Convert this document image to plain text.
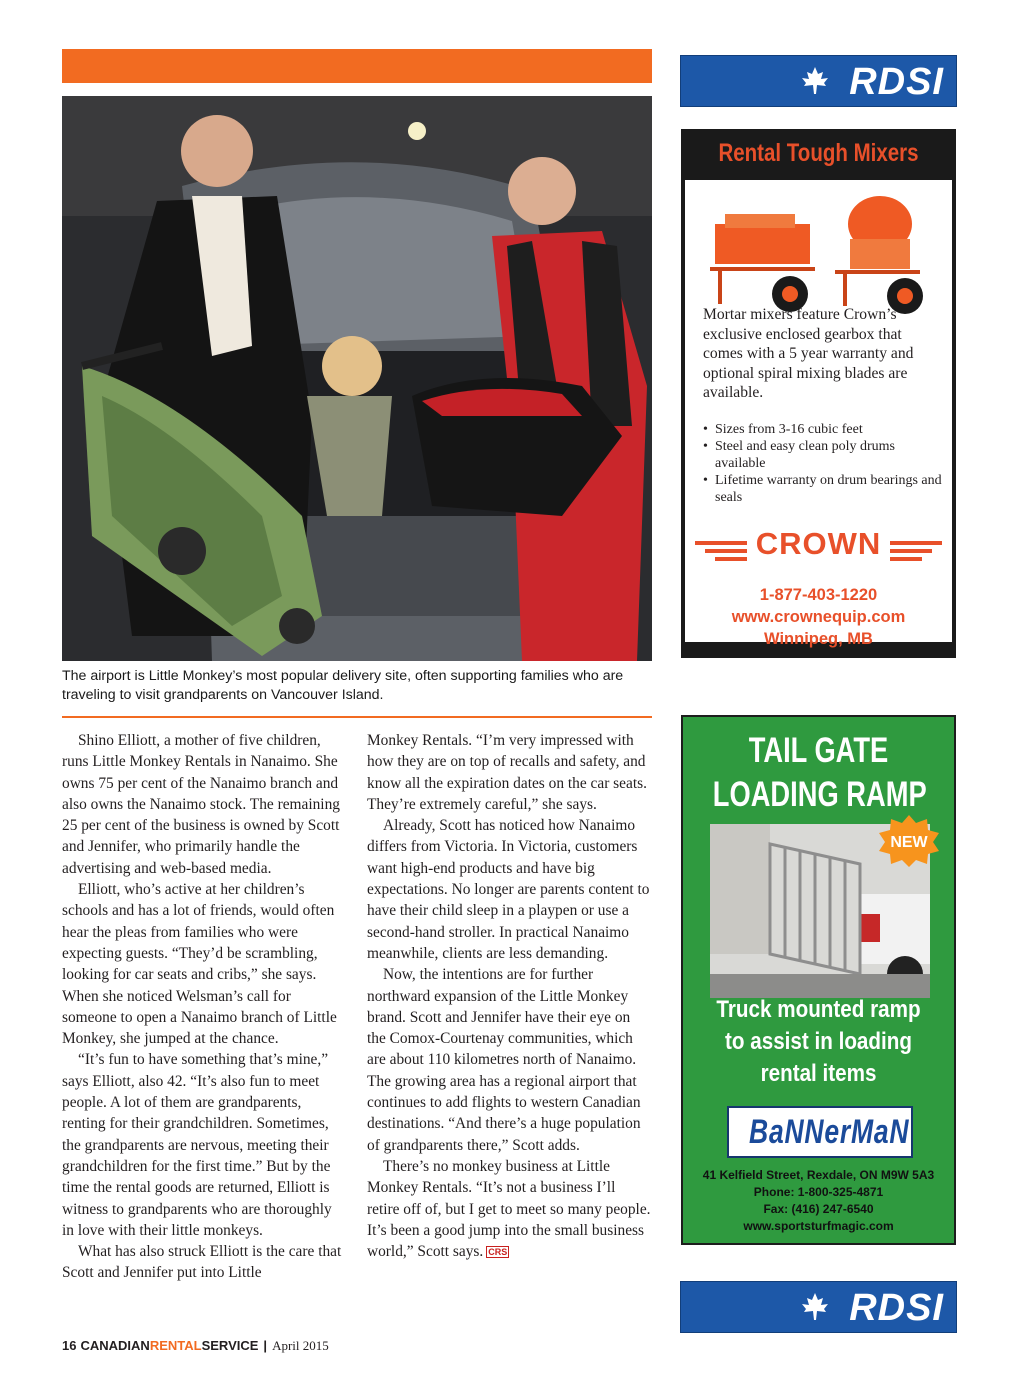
The airport is Little Monkey’s most popular delivery site, often supporting families who are traveling to visit grandparents on Vancouver Island.

Shino Elliott, a mother of five children, runs Little Monkey Rentals in Nanaimo. She owns 75 per cent of the Nanaimo branch and also owns the Nanaimo stock. The remaining 25 per cent of the business is owned by Scott and Jennifer, who primarily handle the advertising and web-based media.

Elliott, who’s active at her children’s schools and has a lot of friends, would often hear the pleas from families who were expecting guests. “They’d be scrambling, looking for car seats and cribs,” she says. When she noticed Welsman’s call for someone to open a Nanaimo branch of Little Monkey, she jumped at the chance.

“It’s fun to have something that’s mine,” says Elliott, also 42. “It’s also fun to meet people. A lot of them are grandparents, renting for their grandchildren. Sometimes, the grandparents are nervous, meeting their grandchildren for the first time.” But by the time the rental goods are returned, Elliott is witness to grandparents who are thoroughly in love with their little monkeys.

What has also struck Elliott is the care that Scott and Jennifer put into Little

Monkey Rentals. “I’m very impressed with how they are on top of recalls and safety, and know all the expiration dates on the car seats. They’re extremely careful,” she says.

Already, Scott has noticed how Nanaimo differs from Victoria. In Victoria, customers want high-end products and have big expectations. No longer are parents content to have their child sleep in a playpen or use a second-hand stroller. In practical Nanaimo meanwhile, clients are less demanding.

Now, the intentions are for further northward expansion of the Little Monkey brand. Scott and Jennifer have their eye on the Comox-Courtenay communities, which are about 110 kilometres north of Nanaimo. The growing area has a regional airport that continues to add flights to western Canadian destinations. “And there’s a huge population of grandparents there,” Scott adds.

There’s no monkey business at Little Monkey Rentals. “It’s not a business I’ll retire off of, but I get to meet so many people. It’s been a good jump into the small business world,” Scott says. CRS

16 CANADIANRENTALSERVICE | April 2015
RDSI
Rental Tough Mixers
Mortar mixers feature Crown’s exclusive enclosed gearbox that comes with a 5 year warranty and optional spiral mixing blades are available.
• Sizes from 3-16 cubic feet
• Steel and easy clean poly drums available
• Lifetime warranty on drum bearings and seals
CROWN
CONSTRUCTION EQUIPMENT
1-877-403-1220
www.crownequip.com
Winnipeg, MB
TAIL GATE
LOADING RAMP
NEW
Truck mounted ramp
to assist in loading
rental items
BaNNerMaN
41 Kelfield Street, Rexdale, ON M9W 5A3
Phone: 1-800-325-4871
Fax: (416) 247-6540
www.sportsturfmagic.com
RDSI
